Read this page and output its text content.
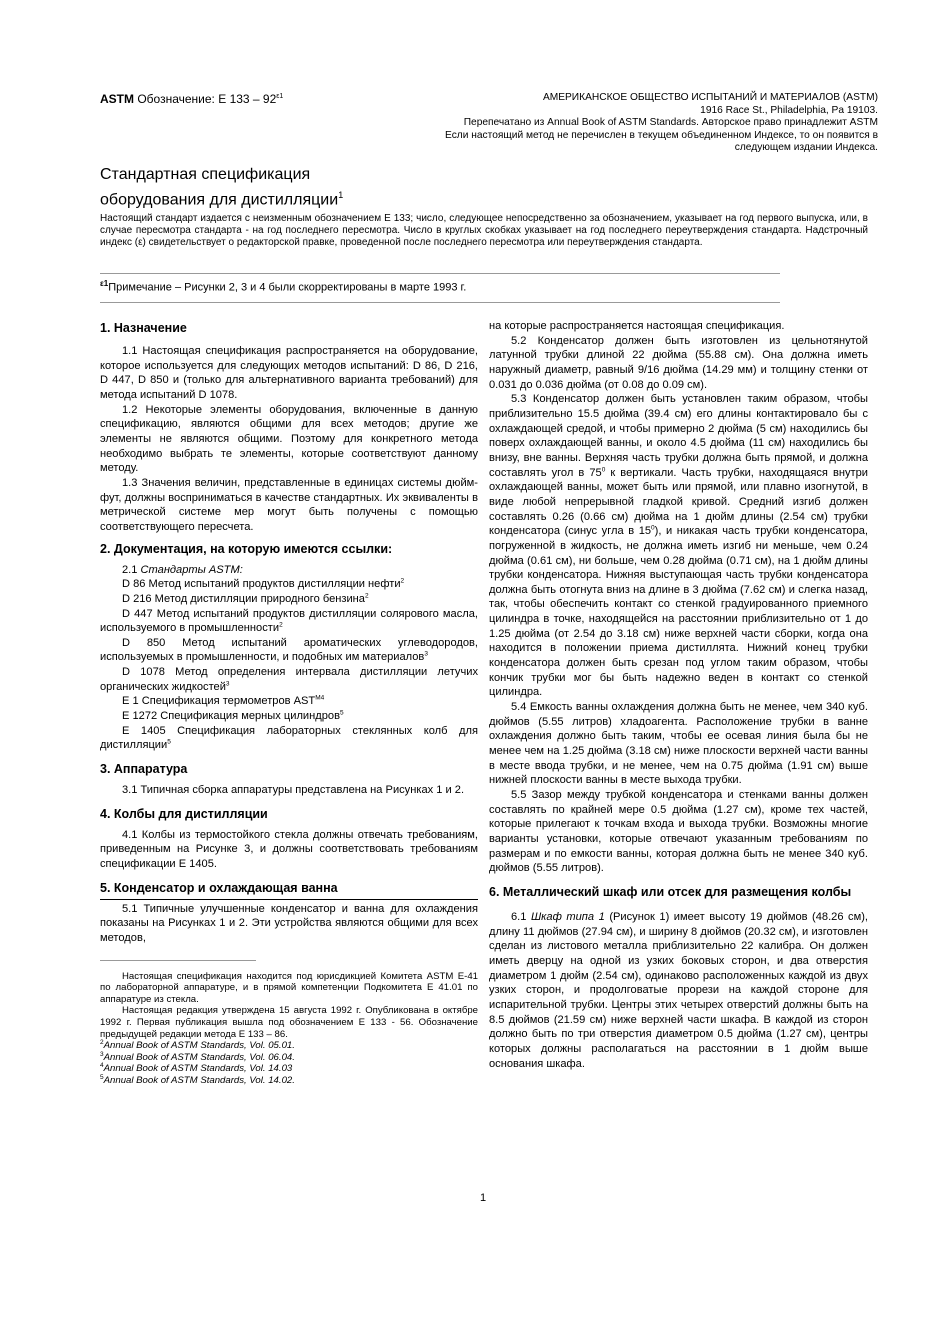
ASTM Обозначение: E $133 - 92^{\varepsilon 1}$	АМЕРИКАНСКОЕ ОБЩЕСТВО ИСПЫТАНИЙ И МАТЕРИАЛОВ (ASTM)
1916 Race St., Philadelphia, Pa 19103.
Перепечатано из Annual Book of ASTM Standards. Авторское право принадлежит ASTM
Если настоящий метод не перечислен в текущем объединенном Индексе, то он появится в
следующем издании Индекса.
Стандартная спецификация
оборудования для дистилляции$^1$
Настоящий стандарт издается с неизменным обозначением E 133; число, следующее непосредственно за обозначением, указывает на год первого выпуска, или, в случае пересмотра стандарта - на год последнего пересмотра. Число в круглых скобках указывает на год последнего переутверждения стандарта. Надстрочный индекс (ε) свидетельствует о редакторской правке, проведенной после последнего пересмотра или переутверждения стандарта.
$^{\varepsilon 1}$Примечание – Рисунки 2, 3 и 4 были скорректированы в марте 1993 г.
1. Назначение

1.1 Настоящая спецификация распространяется на оборудование, которое используется для следующих методов испытаний: D 86, D 216, D 447, D 850 и (только для альтернативного варианта требований) для метода испытаний D 1078.

1.2 Некоторые элементы оборудования, включенные в данную спецификацию, являются общими для всех методов; другие же элементы не являются общими. Поэтому для конкретного метода необходимо выбрать те элементы, которые соответствуют данному методу.

1.3 Значения величин, представленные в единицах системы дюйм-фут, должны восприниматься в качестве стандартных. Их эквиваленты в метрической системе мер могут быть получены с помощью соответствующего пересчета.

2. Документация, на которую имеются ссылки:

2.1 Стандарты ASTM:

D 86 Метод испытаний продуктов дистилляции нефти$^2$

D 216 Метод дистилляции природного бензина$^2$

D 447 Метод испытаний продуктов дистилляции солярового масла, используемого в промышленности$^2$

D 850 Метод испытаний ароматических углеводородов, используемых в промышленности, и подобных им материалов$^3$

D 1078 Метод определения интервала дистилляции летучих органических жидкостей$^3$

E 1 Спецификация термометров $AST^{M4}$

E 1272 Спецификация мерных цилиндров$^5$

E 1405 Спецификация лабораторных стеклянных колб для дистилляции$^5$

3. Аппаратура

3.1 Типичная сборка аппаратуры представлена на Рисунках 1 и 2.

4. Колбы для дистилляции

4.1 Колбы из термостойкого стекла должны отвечать требованиям, приведенным на Рисунке 3, и должны соответствовать требованиям спецификации E 1405.

5. Конденсатор и охлаждающая ванна

5.1 Типичные улучшенные конденсатор и ванна для охлаждения показаны на Рисунках 1 и 2. Эти устройства являются общими для всех методов,

Настоящая спецификация находится под юрисдикцией Комитета ASTM E-41 по лабораторной аппаратуре, и в прямой компетенции Подкомитета E 41.01 по аппаратуре из стекла.

Настоящая редакция утверждена 15 августа 1992 г. Опубликована в октябре 1992 г. Первая публикация вышла под обозначением E 133 - 56. Обозначение предыдущей редакции метода E 133 – 86.

$^2$Annual Book of ASTM Standards, Vol. 05.01.

$^3$Annual Book of ASTM Standards, Vol. 06.04.

$^4$Annual Book of ASTM Standards, Vol. 14.03

$^5$Annual Book of ASTM Standards, Vol. 14.02.

на которые распространяется настоящая спецификация.

5.2 Конденсатор должен быть изготовлен из цельнотянутой латунной трубки длиной 22 дюйма (55.88 см). Она должна иметь наружный диаметр, равный 9/16 дюйма (14.29 мм) и толщину стенки от 0.031 до 0.036 дюйма (от 0.08 до 0.09 см).

5.3 Конденсатор должен быть установлен таким образом, чтобы приблизительно 15.5 дюйма (39.4 см) его длины контактировало бы с охлаждающей средой, и чтобы примерно 2 дюйма (5 см) находились бы поверх охлаждающей ванны, и около 4.5 дюйма (11 см) находились бы внизу, вне ванны. Верхняя часть трубки должна быть прямой, и должна составлять угол в $75^0$ к вертикали. Часть трубки, находящаяся внутри охлаждающей ванны, может быть или прямой, или плавно изогнутой, в виде любой непрерывной гладкой кривой. Средний изгиб должен составлять 0.26 (0.66 см) дюйма на 1 дюйм длины (2.54 см) трубки конденсатора (синус угла в $15^0$), и никакая часть трубки конденсатора, погруженной в жидкость, не должна иметь изгиб ни меньше, чем 0.24 дюйма (0.61 см), ни больше, чем 0.28 дюйма (0.71 см), на 1 дюйм длины трубки конденсатора. Нижняя выступающая часть трубки конденсатора должна быть отогнута вниз на длине в 3 дюйма (7.62 см) и слегка назад, так, чтобы обеспечить контакт со стенкой градуированного приемного цилиндра в точке, находящейся на расстоянии приблизительно от 1 до 1.25 дюйма (от 2.54 до 3.18 см) ниже верхней части сборки, когда она находится в положении приема дистиллята. Нижний конец трубки конденсатора должен быть срезан под углом таким образом, чтобы кончик трубки мог бы быть надежно веден в контакт со стенкой цилиндра.

5.4 Емкость ванны охлаждения должна быть не менее, чем 340 куб. дюймов (5.55 литров) хладоагента. Расположение трубки в ванне охлаждения должно быть таким, чтобы ее осевая линия была бы не менее чем на 1.25 дюйма (3.18 см) ниже плоскости верхней части ванны в месте ввода трубки, и не менее, чем на 0.75 дюйма (1.91 см) выше нижней плоскости ванны в месте выхода трубки.

5.5 Зазор между трубкой конденсатора и стенками ванны должен составлять по крайней мере 0.5 дюйма (1.27 см), кроме тех частей, которые прилегают к точкам входа и выхода трубки. Возможны многие варианты установки, которые отвечают указанным требованиям по размерам и по емкости ванны, которая должна быть не менее 340 куб. дюймов (5.55 литров).

6. Металлический шкаф или отсек для размещения колбы

6.1 Шкаф типа 1 (Рисунок 1) имеет высоту 19 дюймов (48.26 см), длину 11 дюймов (27.94 см), и ширину 8 дюймов (20.32 см), и изготовлен сделан из листового металла приблизительно 22 калибра. Он должен иметь дверцу на одной из узких боковых сторон, и два отверстия диаметром 1 дюйм (2.54 см), одинаково расположенных каждой из двух узких сторон, и продолговатые прорези на каждой стороне для испарительной трубки. Центры этих четырех отверстий должны быть на 8.5 дюймов (21.59 см) ниже верхней части шкафа. В каждой из сторон должно быть по три отверстия диаметром 0.5 дюйма (1.27 см), центры которых должны располагаться на расстоянии в 1 дюйм выше основания шкафа.

1
